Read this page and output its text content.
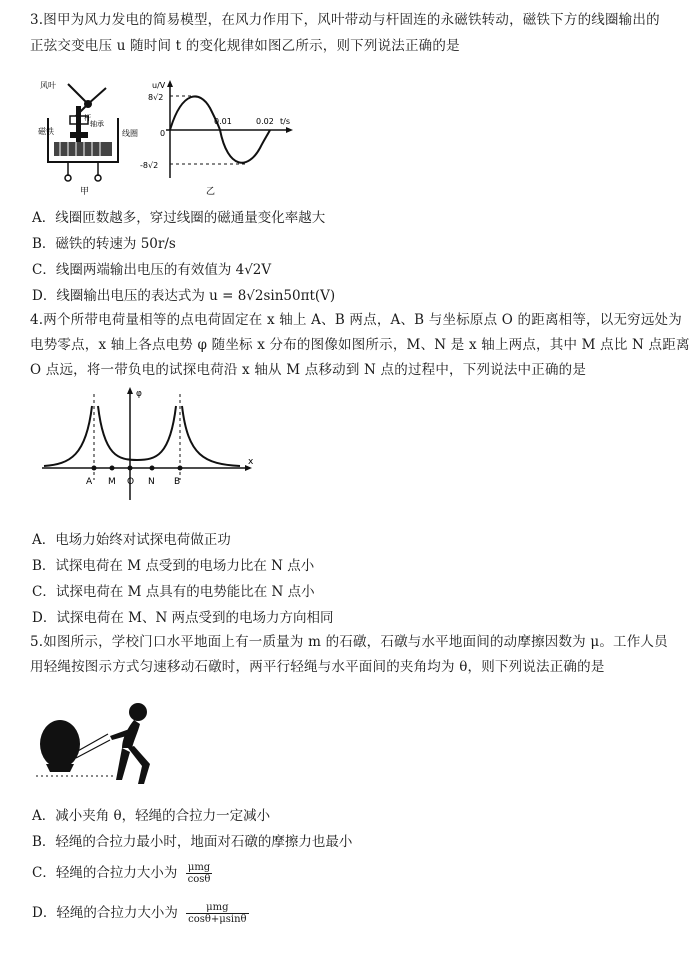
3.图甲为风力发电的简易模型，在风力作用下，风叶带动与杆固连的永磁铁转动，磁铁下方的线圈输出的
正弦交变电压 u 随时间 t 的变化规律如图乙所示，则下列说法正确的是
风叶
杆
轴承
磁铁	线圈
甲
u/V
t/s
8√2
-8√2
0
0.01	0.02
乙
A．线圈匝数越多，穿过线圈的磁通量变化率越大
B．磁铁的转速为 50r/s
C．线圈两端输出电压的有效值为 4√2V
D．线圈输出电压的表达式为 u = 8√2sin50πt(V)
4.两个所带电荷量相等的点电荷固定在 x 轴上 A、B 两点，A、B 与坐标原点 O 的距离相等，以无穷远处为
电势零点，x 轴上各点电势 φ 随坐标 x 分布的图像如图所示，M、N 是 x 轴上两点，其中 M 点比 N 点距离
O 点远，将一带负电的试探电荷沿 x 轴从 M 点移动到 N 点的过程中，下列说法中正确的是
φ
x
A M O N B
A．电场力始终对试探电荷做正功
B．试探电荷在 M 点受到的电场力比在 N 点小
C．试探电荷在 M 点具有的电势能比在 N 点小
D．试探电荷在 M、N 两点受到的电场力方向相同
5.如图所示，学校门口水平地面上有一质量为 m 的石礅，石礅与水平地面间的动摩擦因数为 μ。工作人员
用轻绳按图示方式匀速移动石礅时，两平行轻绳与水平面间的夹角均为 θ，则下列说法正确的是
A．减小夹角 θ，轻绳的合拉力一定减小
B．轻绳的合拉力最小时，地面对石礅的摩擦力也最小
C．轻绳的合拉力大小为 $\frac{\text{μmg}}{\cos\theta}$
D．轻绳的合拉力大小为 $\frac{\text{μmg}}{\cos\theta+\mu\sin\theta}$
